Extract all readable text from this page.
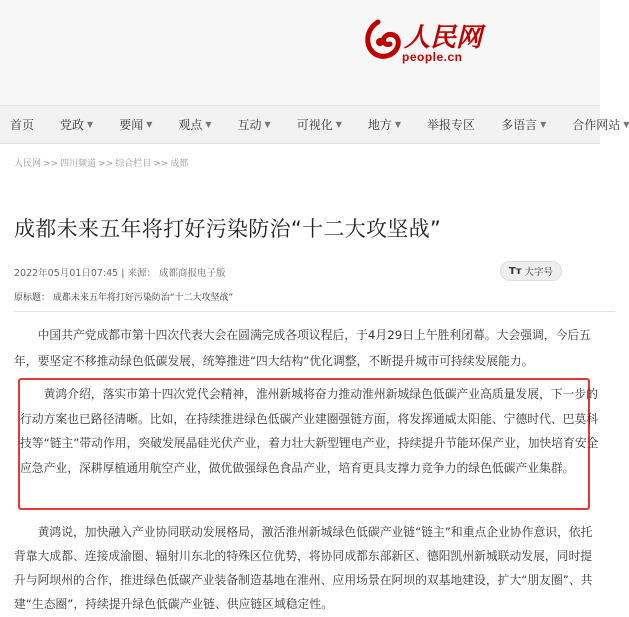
人民网
people.cn
首页 党政 ▼ 要闻 ▼ 观点 ▼ 互动 ▼ 可视化 ▼ 地方 ▼ 举报专区 多语言 ▼ 合作网站 ▼
人民网 >> 四川频道 >> 综合栏目 >> 成都
成都未来五年将打好污染防治“十二大攻坚战”
2022年05月01日07:45 | 来源： 成都商报电子版	Tт 大字号
原标题： 成都未来五年将打好污染防治“十二大攻坚战”

中国共产党成都市第十四次代表大会在圆满完成各项议程后，于4月29日上午胜利闭幕。大会强调，今后五年，要坚定不移推动绿色低碳发展，统筹推进“四大结构”优化调整，不断提升城市可持续发展能力。

黄鸿介绍，落实市第十四次党代会精神，淮州新城将奋力推动淮州新城绿色低碳产业高质量发展，下一步的行动方案也已路径清晰。比如，在持续推进绿色低碳产业建圈强链方面，将发挥通威太阳能、宁德时代、巴莫科技等“链主”带动作用，突破发展晶硅光伏产业，着力壮大新型锂电产业，持续提升节能环保产业，加快培育安全应急产业，深耕厚植通用航空产业，做优做强绿色食品产业，培育更具支撑力竞争力的绿色低碳产业集群。

黄鸿说，加快融入产业协同联动发展格局，激活淮州新城绿色低碳产业链“链主”和重点企业协作意识，依托背靠大成都、连接成渝圈、辐射川东北的特殊区位优势，将协同成都东部新区、德阳凯州新城联动发展，同时提升与阿坝州的合作，推进绿色低碳产业装备制造基地在淮州、应用场景在阿坝的双基地建设，扩大“朋友圈”、共建“生态圈”，持续提升绿色低碳产业链、供应链区域稳定性。
